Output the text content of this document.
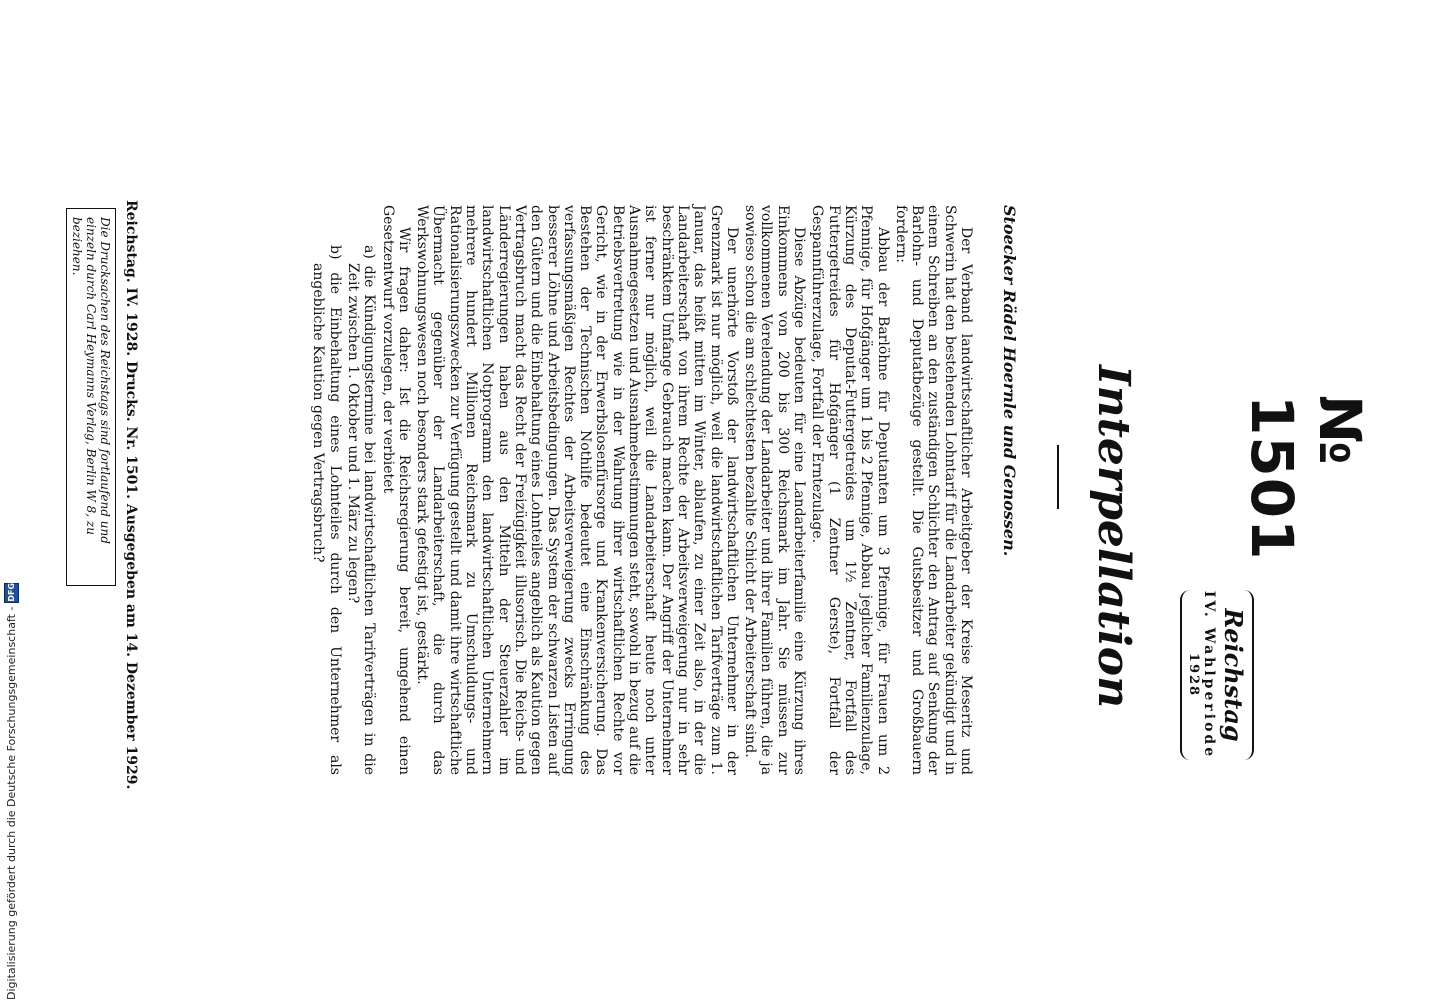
№ 1501
Reichstag
IV. Wahlperiode
1928
Interpellation
Stoecker Rädel Hoernle und Genossen.

Der Verband landwirtschaftlicher Arbeitgeber der Kreise Meseritz und Schwerin hat den bestehenden Lohntarif für die Landarbeiter gekündigt und in einem Schreiben an den zuständigen Schlichter den Antrag auf Senkung der Barlohn- und Deputatbezüge gestellt. Die Gutsbesitzer und Großbauern fordern:

Abbau der Barlöhne für Deputanten um 3 Pfennige, für Frauen um 2 Pfennige, für Hofgänger um 1 bis 2 Pfennige, Abbau jeglicher Familienzulage, Kürzung des Deputat-Futtergetreides um 1½ Zentner, Fortfall des Futtergetreides für Hofgänger (1 Zentner Gerste), Fortfall der Gespannführerzulage, Fortfall der Erntezulage.

Diese Abzüge bedeuten für eine Landarbeiterfamilie eine Kürzung ihres Einkommens von 200 bis 300 Reichsmark im Jahr. Sie müssen zur vollkommenen Verelendung der Landarbeiter und ihrer Familien führen, die ja sowieso schon die am schlechtesten bezahlte Schicht der Arbeiterschaft sind.

Der unerhörte Vorstoß der landwirtschaftlichen Unternehmer in der Grenzmark ist nur möglich, weil die landwirtschaftlichen Tarifverträge zum 1. Januar, das heißt mitten im Winter, ablaufen, zu einer Zeit also, in der die Landarbeiterschaft von ihrem Rechte der Arbeitsverweigerung nur in sehr beschränktem Umfange Gebrauch machen kann. Der Angriff der Unternehmer ist ferner nur möglich, weil die Landarbeiterschaft heute noch unter Ausnahmegesetzen und Ausnahmebestimmungen steht, sowohl in bezug auf die Betriebsvertretung wie in der Wahrung ihrer wirtschaftlichen Rechte vor Gericht, wie in der Erwerbslosenfürsorge und Krankenversicherung. Das Bestehen der Technischen Nothilfe bedeutet eine Einschränkung des verfassungsmäßigen Rechtes der Arbeitsverweigerung zwecks Erringung besserer Löhne und Arbeitsbedingungen. Das System der schwarzen Listen auf den Gütern und die Einbehaltung eines Lohnteiles angeblich als Kaution gegen Vertragsbruch macht das Recht der Freizügigkeit illusorisch. Die Reichs- und Länderregierungen haben aus den Mitteln der Steuerzahler im landwirtschaftlichen Notprogramm den landwirtschaftlichen Unternehmern mehrere hundert Millionen Reichsmark zu Umschuldungs- und Rationalisierungszwecken zur Verfügung gestellt und damit ihre wirtschaftliche Übermacht gegenüber der Landarbeiterschaft, die durch das Werkswohnungswesen noch besonders stark gefestigt ist, gestärkt.

Wir fragen daher: Ist die Reichsregierung bereit, umgehend einen Gesetzentwurf vorzulegen, der verbietet

a) die Kündigungstermine bei landwirtschaftlichen Tarifverträgen in die Zeit zwischen 1. Oktober und 1. März zu legen?

b) die Einbehaltung eines Lohnteiles durch den Unternehmer als angebliche Kaution gegen Vertragsbruch?

Reichstag. IV. 1928. Drucks. Nr. 1501. Ausgegeben am 14. Dezember 1929.
Die Drucksachen des Reichstags sind fortlaufend und einzeln durch Carl Heymanns Verlag, Berlin W 8, zu beziehen.
Digitalisierung gefördert durch die Deutsche Forschungsgemeinschaft -
DFG
